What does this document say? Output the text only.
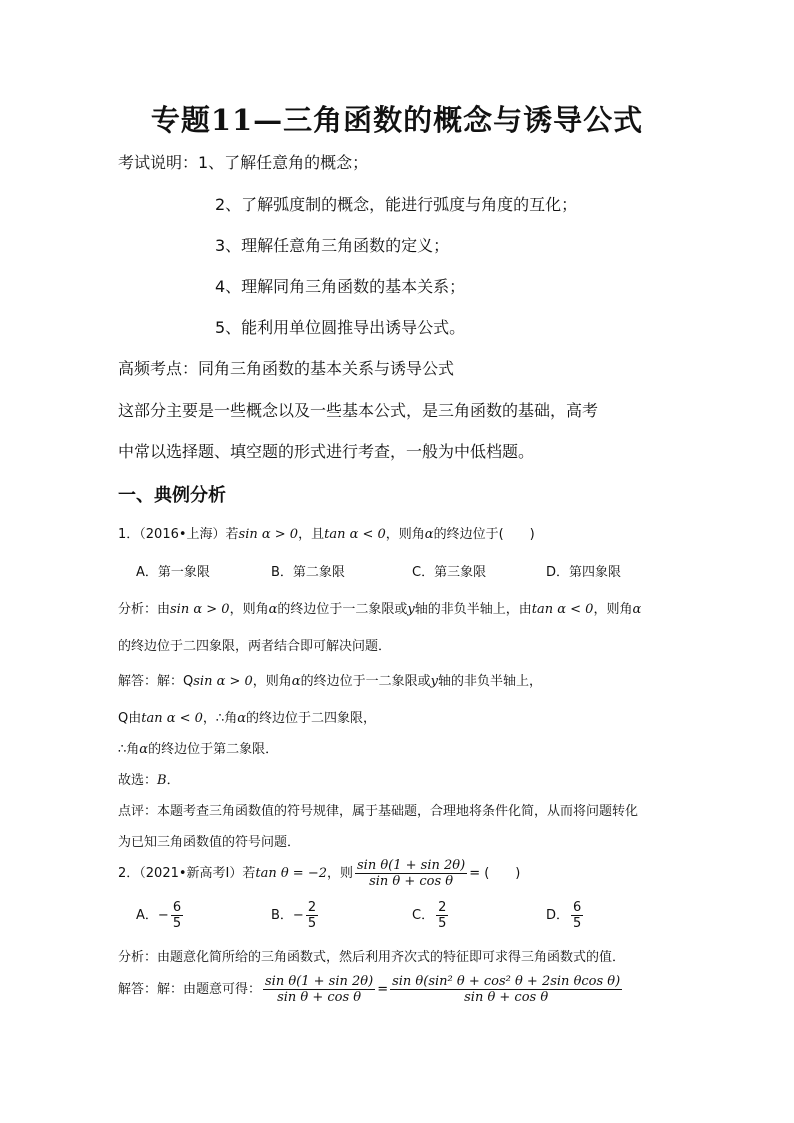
专题11—三角函数的概念与诱导公式
考试说明：1、了解任意角的概念；
2、了解弧度制的概念，能进行弧度与角度的互化；
3、理解任意角三角函数的定义；
4、理解同角三角函数的基本关系；
5、能利用单位圆推导出诱导公式。
高频考点：同角三角函数的基本关系与诱导公式
这部分主要是一些概念以及一些基本公式，是三角函数的基础，高考
中常以选择题、填空题的形式进行考查，一般为中低档题。
一、典例分析
1．（2016•上海）若sin α > 0，且tan α < 0，则角α的终边位于(　　)
A．第一象限	B．第二象限	C．第三象限	D．第四象限
分析：由sin α > 0，则角α的终边位于一二象限或y轴的非负半轴上，由tan α < 0，则角α
的终边位于二四象限，两者结合即可解决问题．
解答：解：Qsin α > 0，则角α的终边位于一二象限或y轴的非负半轴上，
Q由tan α < 0，∴角α的终边位于二四象限，
∴角α的终边位于第二象限．
故选：B．
点评：本题考查三角函数值的符号规律，属于基础题，合理地将条件化简，从而将问题转化
为已知三角函数值的符号问题．
2．（2021•新高考Ⅰ）若tan θ = −2，则 $\frac{\text{sin θ(1 + sin 2θ)}}{\text{sin θ + cos θ}}$ = (　　)
A．− $\frac{6}{5}$	B．− $\frac{2}{5}$	C． $\frac{2}{5}$	D． $\frac{6}{5}$
分析：由题意化简所给的三角函数式，然后利用齐次式的特征即可求得三角函数式的值．
解答：解：由题意可得： $\frac{\text{sin θ(1 + sin 2θ)}}{\text{sin θ + cos θ}} = \frac{\text{sin θ(sin² θ + cos² θ + 2sin θcos θ)}}{\text{sin θ + cos θ}}$
